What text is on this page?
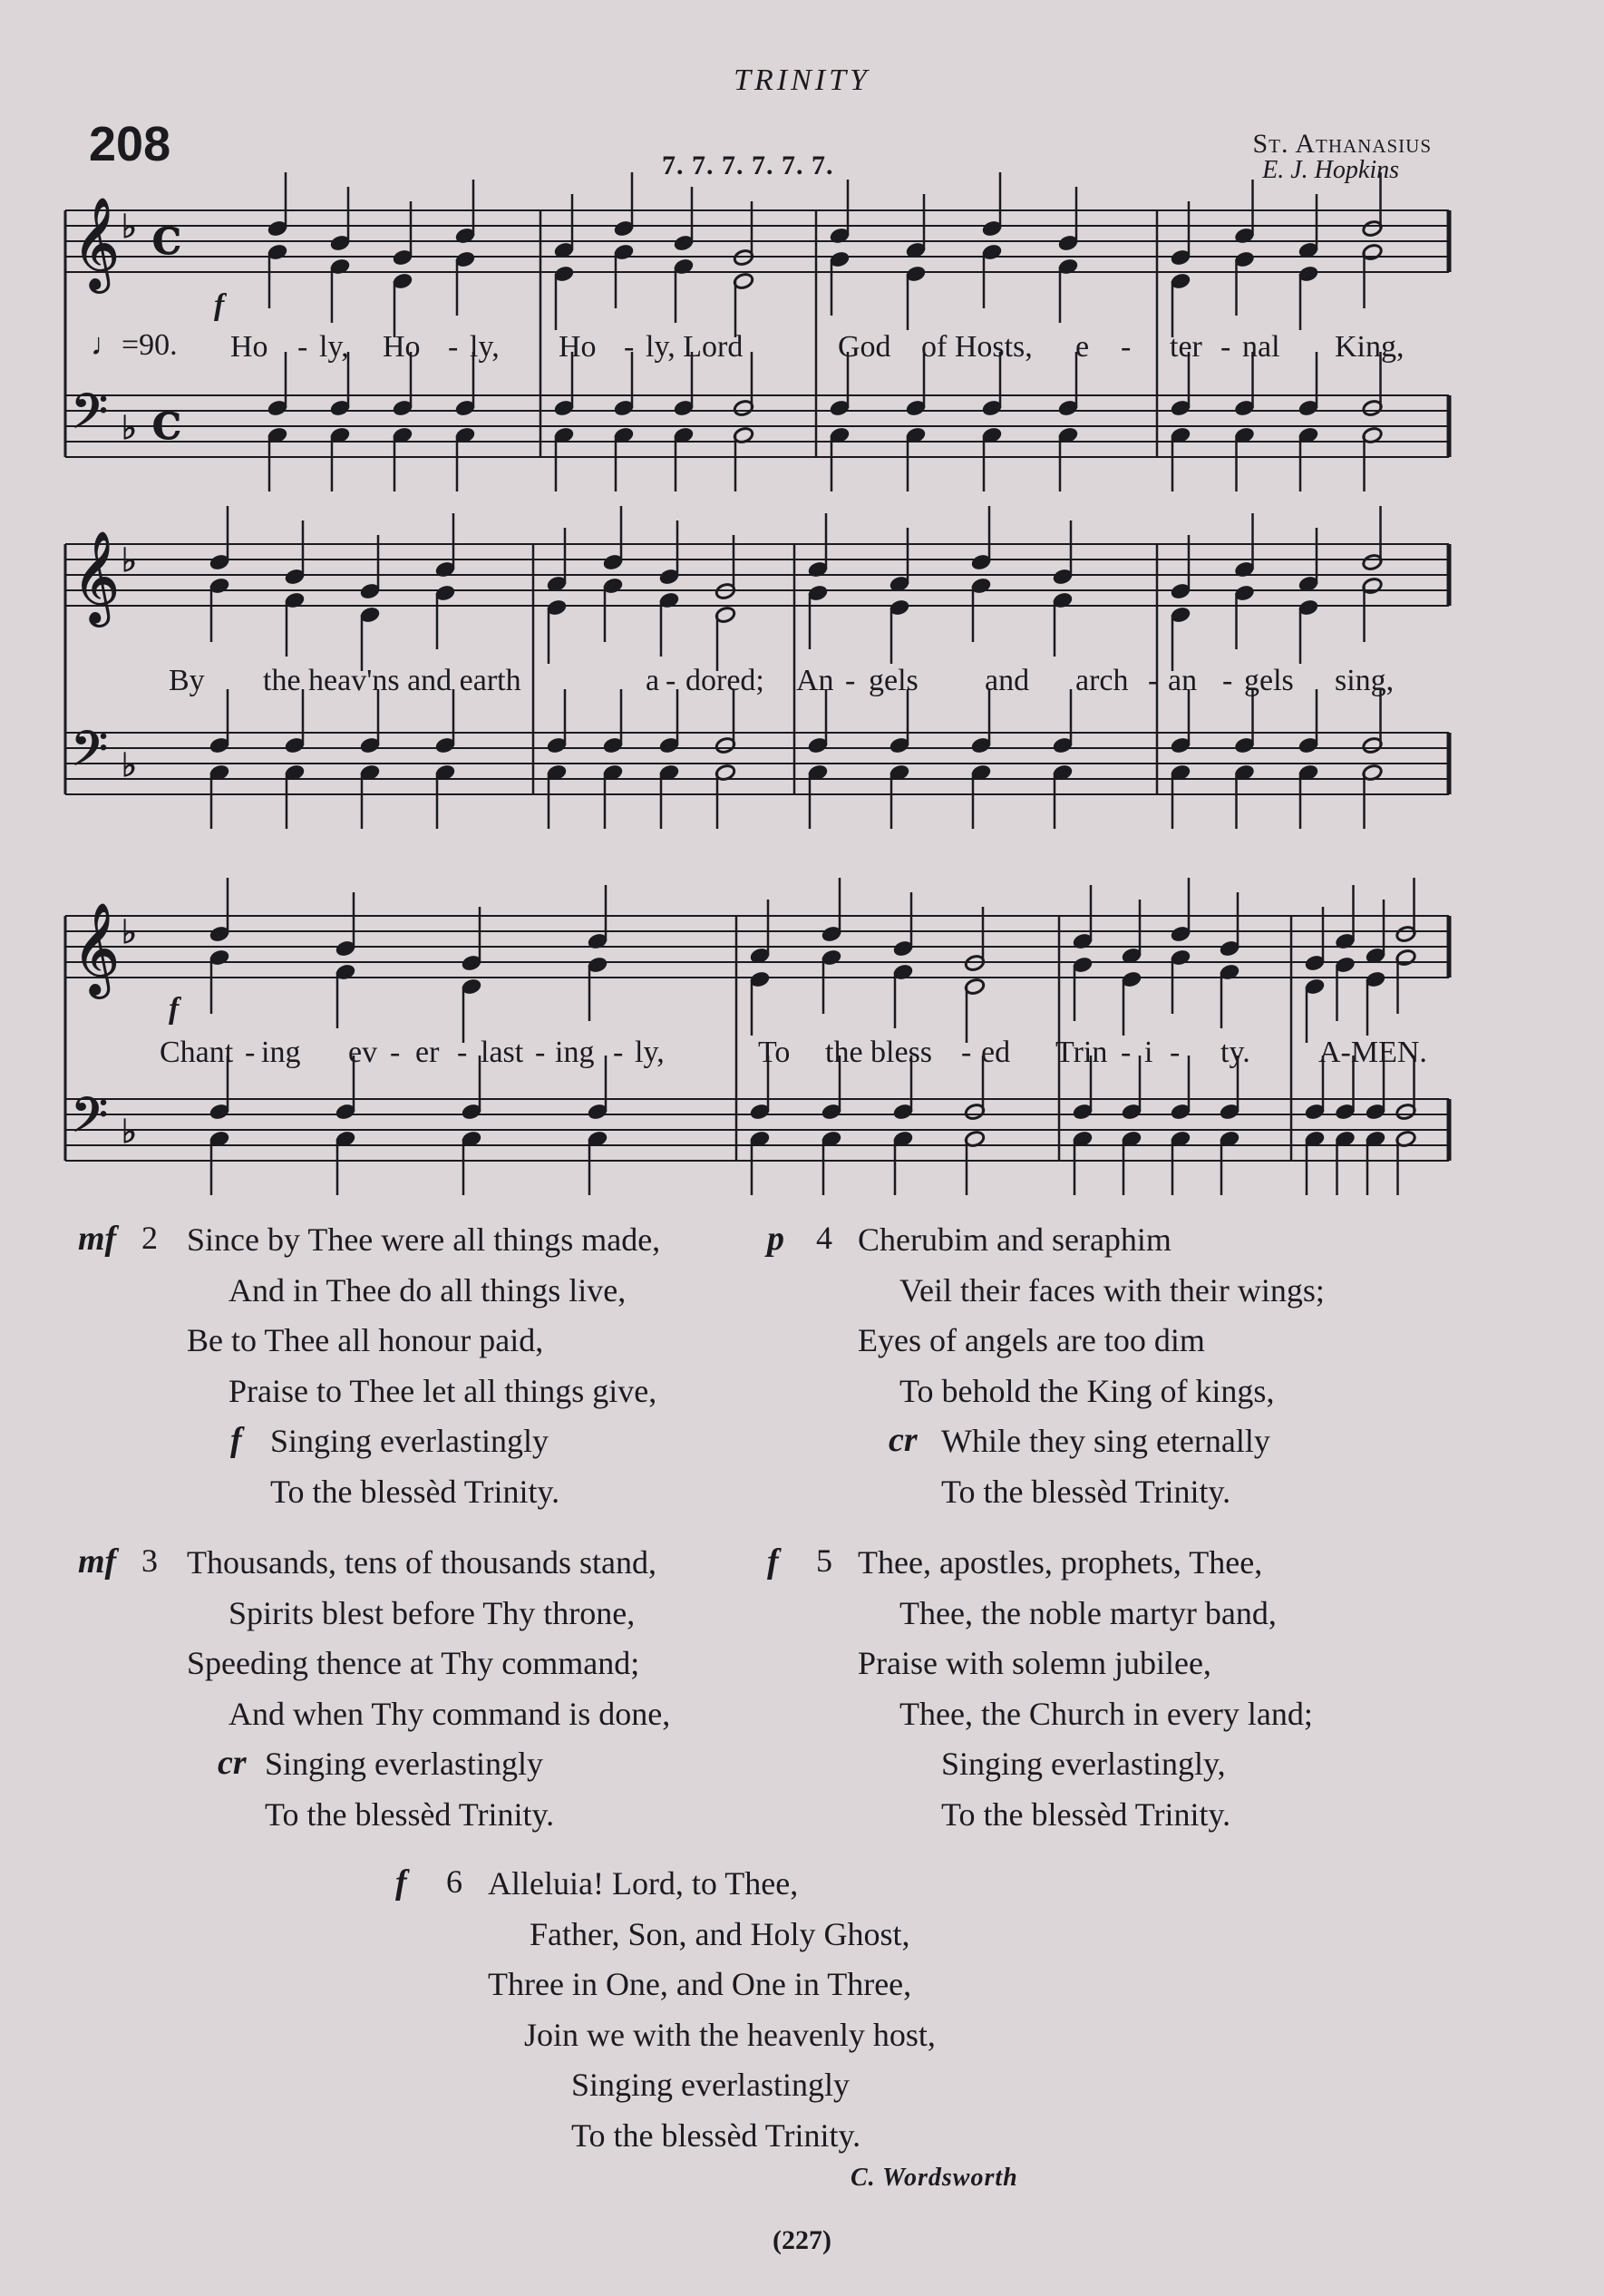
TRINITY
208	7. 7. 7. 7. 7. 7.
St. Athanasius
E. J. Hopkins
𝄞
𝄢
♭
♭
C
C
𝄞
𝄢
♭
♭
𝄞
𝄢
♭
♭
♩=90.
f
Ho - ly, Ho - ly, Ho - ly, Lord	God of Hosts, e - ter - nal King,
By the heav'ns and earth	a - dored; An - gels and arch - an - gels sing,
f
Chant - ing ev - er - last - ing - ly,	To the bless - ed Trin - i - ty. A-MEN.
mf 2 Since by Thee were all things made,
And in Thee do all things live,
Be to Thee all honour paid,
Praise to Thee let all things give,
Singing everlastingly
To the blessèd Trinity.
f
mf 3 Thousands, tens of thousands stand,
Spirits blest before Thy throne,
Speeding thence at Thy command;
And when Thy command is done,
Singing everlastingly
To the blessèd Trinity.
cr
p 4 Cherubim and seraphim
Veil their faces with their wings;
Eyes of angels are too dim
To behold the King of kings,
While they sing eternally
To the blessèd Trinity.
cr
f 5 Thee, apostles, prophets, Thee,
Thee, the noble martyr band,
Praise with solemn jubilee,
Thee, the Church in every land;
Singing everlastingly,
To the blessèd Trinity.
f 6 Alleluia! Lord, to Thee,
Father, Son, and Holy Ghost,
Three in One, and One in Three,
Join we with the heavenly host,
Singing everlastingly
To the blessèd Trinity.
C. Wordsworth
(227)
